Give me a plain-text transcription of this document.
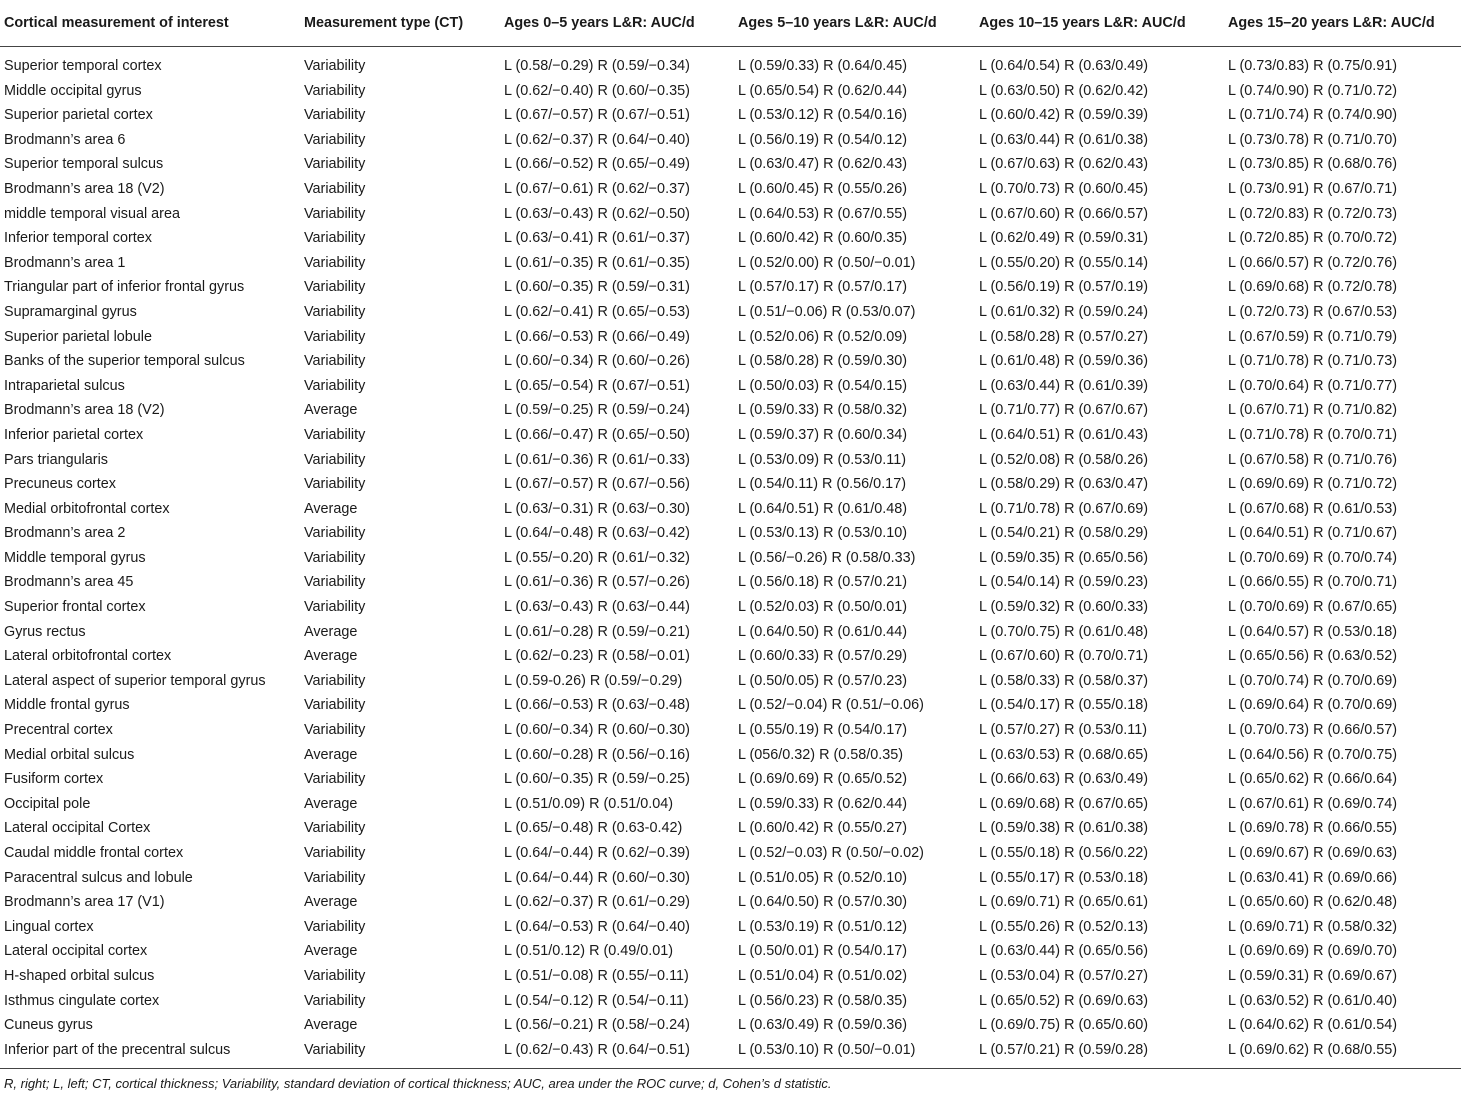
Cortical measurement of interest	Measurement type (CT)	Ages 0–5 years L&R: AUC/d	Ages 5–10 years L&R: AUC/d	Ages 10–15 years L&R: AUC/d	Ages 15–20 years L&R: AUC/d
Superior temporal cortex	Variability	L (0.58/−0.29) R (0.59/−0.34)	L (0.59/0.33) R (0.64/0.45)	L (0.64/0.54) R (0.63/0.49)	L (0.73/0.83) R (0.75/0.91)
Middle occipital gyrus	Variability	L (0.62/−0.40) R (0.60/−0.35)	L (0.65/0.54) R (0.62/0.44)	L (0.63/0.50) R (0.62/0.42)	L (0.74/0.90) R (0.71/0.72)
Superior parietal cortex	Variability	L (0.67/−0.57) R (0.67/−0.51)	L (0.53/0.12) R (0.54/0.16)	L (0.60/0.42) R (0.59/0.39)	L (0.71/0.74) R (0.74/0.90)
Brodmann’s area 6	Variability	L (0.62/−0.37) R (0.64/−0.40)	L (0.56/0.19) R (0.54/0.12)	L (0.63/0.44) R (0.61/0.38)	L (0.73/0.78) R (0.71/0.70)
Superior temporal sulcus	Variability	L (0.66/−0.52) R (0.65/−0.49)	L (0.63/0.47) R (0.62/0.43)	L (0.67/0.63) R (0.62/0.43)	L (0.73/0.85) R (0.68/0.76)
Brodmann’s area 18 (V2)	Variability	L (0.67/−0.61) R (0.62/−0.37)	L (0.60/0.45) R (0.55/0.26)	L (0.70/0.73) R (0.60/0.45)	L (0.73/0.91) R (0.67/0.71)
middle temporal visual area	Variability	L (0.63/−0.43) R (0.62/−0.50)	L (0.64/0.53) R (0.67/0.55)	L (0.67/0.60) R (0.66/0.57)	L (0.72/0.83) R (0.72/0.73)
Inferior temporal cortex	Variability	L (0.63/−0.41) R (0.61/−0.37)	L (0.60/0.42) R (0.60/0.35)	L (0.62/0.49) R (0.59/0.31)	L (0.72/0.85) R (0.70/0.72)
Brodmann’s area 1	Variability	L (0.61/−0.35) R (0.61/−0.35)	L (0.52/0.00) R (0.50/−0.01)	L (0.55/0.20) R (0.55/0.14)	L (0.66/0.57) R (0.72/0.76)
Triangular part of inferior frontal gyrus	Variability	L (0.60/−0.35) R (0.59/−0.31)	L (0.57/0.17) R (0.57/0.17)	L (0.56/0.19) R (0.57/0.19)	L (0.69/0.68) R (0.72/0.78)
Supramarginal gyrus	Variability	L (0.62/−0.41) R (0.65/−0.53)	L (0.51/−0.06) R (0.53/0.07)	L (0.61/0.32) R (0.59/0.24)	L (0.72/0.73) R (0.67/0.53)
Superior parietal lobule	Variability	L (0.66/−0.53) R (0.66/−0.49)	L (0.52/0.06) R (0.52/0.09)	L (0.58/0.28) R (0.57/0.27)	L (0.67/0.59) R (0.71/0.79)
Banks of the superior temporal sulcus	Variability	L (0.60/−0.34) R (0.60/−0.26)	L (0.58/0.28) R (0.59/0.30)	L (0.61/0.48) R (0.59/0.36)	L (0.71/0.78) R (0.71/0.73)
Intraparietal sulcus	Variability	L (0.65/−0.54) R (0.67/−0.51)	L (0.50/0.03) R (0.54/0.15)	L (0.63/0.44) R (0.61/0.39)	L (0.70/0.64) R (0.71/0.77)
Brodmann’s area 18 (V2)	Average	L (0.59/−0.25) R (0.59/−0.24)	L (0.59/0.33) R (0.58/0.32)	L (0.71/0.77) R (0.67/0.67)	L (0.67/0.71) R (0.71/0.82)
Inferior parietal cortex	Variability	L (0.66/−0.47) R (0.65/−0.50)	L (0.59/0.37) R (0.60/0.34)	L (0.64/0.51) R (0.61/0.43)	L (0.71/0.78) R (0.70/0.71)
Pars triangularis	Variability	L (0.61/−0.36) R (0.61/−0.33)	L (0.53/0.09) R (0.53/0.11)	L (0.52/0.08) R (0.58/0.26)	L (0.67/0.58) R (0.71/0.76)
Precuneus cortex	Variability	L (0.67/−0.57) R (0.67/−0.56)	L (0.54/0.11) R (0.56/0.17)	L (0.58/0.29) R (0.63/0.47)	L (0.69/0.69) R (0.71/0.72)
Medial orbitofrontal cortex	Average	L (0.63/−0.31) R (0.63/−0.30)	L (0.64/0.51) R (0.61/0.48)	L (0.71/0.78) R (0.67/0.69)	L (0.67/0.68) R (0.61/0.53)
Brodmann’s area 2	Variability	L (0.64/−0.48) R (0.63/−0.42)	L (0.53/0.13) R (0.53/0.10)	L (0.54/0.21) R (0.58/0.29)	L (0.64/0.51) R (0.71/0.67)
Middle temporal gyrus	Variability	L (0.55/−0.20) R (0.61/−0.32)	L (0.56/−0.26) R (0.58/0.33)	L (0.59/0.35) R (0.65/0.56)	L (0.70/0.69) R (0.70/0.74)
Brodmann’s area 45	Variability	L (0.61/−0.36) R (0.57/−0.26)	L (0.56/0.18) R (0.57/0.21)	L (0.54/0.14) R (0.59/0.23)	L (0.66/0.55) R (0.70/0.71)
Superior frontal cortex	Variability	L (0.63/−0.43) R (0.63/−0.44)	L (0.52/0.03) R (0.50/0.01)	L (0.59/0.32) R (0.60/0.33)	L (0.70/0.69) R (0.67/0.65)
Gyrus rectus	Average	L (0.61/−0.28) R (0.59/−0.21)	L (0.64/0.50) R (0.61/0.44)	L (0.70/0.75) R (0.61/0.48)	L (0.64/0.57) R (0.53/0.18)
Lateral orbitofrontal cortex	Average	L (0.62/−0.23) R (0.58/−0.01)	L (0.60/0.33) R (0.57/0.29)	L (0.67/0.60) R (0.70/0.71)	L (0.65/0.56) R (0.63/0.52)
Lateral aspect of superior temporal gyrus	Variability	L (0.59-0.26) R (0.59/−0.29)	L (0.50/0.05) R (0.57/0.23)	L (0.58/0.33) R (0.58/0.37)	L (0.70/0.74) R (0.70/0.69)
Middle frontal gyrus	Variability	L (0.66/−0.53) R (0.63/−0.48)	L (0.52/−0.04) R (0.51/−0.06)	L (0.54/0.17) R (0.55/0.18)	L (0.69/0.64) R (0.70/0.69)
Precentral cortex	Variability	L (0.60/−0.34) R (0.60/−0.30)	L (0.55/0.19) R (0.54/0.17)	L (0.57/0.27) R (0.53/0.11)	L (0.70/0.73) R (0.66/0.57)
Medial orbital sulcus	Average	L (0.60/−0.28) R (0.56/−0.16)	L (056/0.32) R (0.58/0.35)	L (0.63/0.53) R (0.68/0.65)	L (0.64/0.56) R (0.70/0.75)
Fusiform cortex	Variability	L (0.60/−0.35) R (0.59/−0.25)	L (0.69/0.69) R (0.65/0.52)	L (0.66/0.63) R (0.63/0.49)	L (0.65/0.62) R (0.66/0.64)
Occipital pole	Average	L (0.51/0.09) R (0.51/0.04)	L (0.59/0.33) R (0.62/0.44)	L (0.69/0.68) R (0.67/0.65)	L (0.67/0.61) R (0.69/0.74)
Lateral occipital Cortex	Variability	L (0.65/−0.48) R (0.63-0.42)	L (0.60/0.42) R (0.55/0.27)	L (0.59/0.38) R (0.61/0.38)	L (0.69/0.78) R (0.66/0.55)
Caudal middle frontal cortex	Variability	L (0.64/−0.44) R (0.62/−0.39)	L (0.52/−0.03) R (0.50/−0.02)	L (0.55/0.18) R (0.56/0.22)	L (0.69/0.67) R (0.69/0.63)
Paracentral sulcus and lobule	Variability	L (0.64/−0.44) R (0.60/−0.30)	L (0.51/0.05) R (0.52/0.10)	L (0.55/0.17) R (0.53/0.18)	L (0.63/0.41) R (0.69/0.66)
Brodmann’s area 17 (V1)	Average	L (0.62/−0.37) R (0.61/−0.29)	L (0.64/0.50) R (0.57/0.30)	L (0.69/0.71) R (0.65/0.61)	L (0.65/0.60) R (0.62/0.48)
Lingual cortex	Variability	L (0.64/−0.53) R (0.64/−0.40)	L (0.53/0.19) R (0.51/0.12)	L (0.55/0.26) R (0.52/0.13)	L (0.69/0.71) R (0.58/0.32)
Lateral occipital cortex	Average	L (0.51/0.12) R (0.49/0.01)	L (0.50/0.01) R (0.54/0.17)	L (0.63/0.44) R (0.65/0.56)	L (0.69/0.69) R (0.69/0.70)
H-shaped orbital sulcus	Variability	L (0.51/−0.08) R (0.55/−0.11)	L (0.51/0.04) R (0.51/0.02)	L (0.53/0.04) R (0.57/0.27)	L (0.59/0.31) R (0.69/0.67)
Isthmus cingulate cortex	Variability	L (0.54/−0.12) R (0.54/−0.11)	L (0.56/0.23) R (0.58/0.35)	L (0.65/0.52) R (0.69/0.63)	L (0.63/0.52) R (0.61/0.40)
Cuneus gyrus	Average	L (0.56/−0.21) R (0.58/−0.24)	L (0.63/0.49) R (0.59/0.36)	L (0.69/0.75) R (0.65/0.60)	L (0.64/0.62) R (0.61/0.54)
Inferior part of the precentral sulcus	Variability	L (0.62/−0.43) R (0.64/−0.51)	L (0.53/0.10) R (0.50/−0.01)	L (0.57/0.21) R (0.59/0.28)	L (0.69/0.62) R (0.68/0.55)
R, right; L, left; CT, cortical thickness; Variability, standard deviation of cortical thickness; AUC, area under the ROC curve; d, Cohen’s d statistic.
